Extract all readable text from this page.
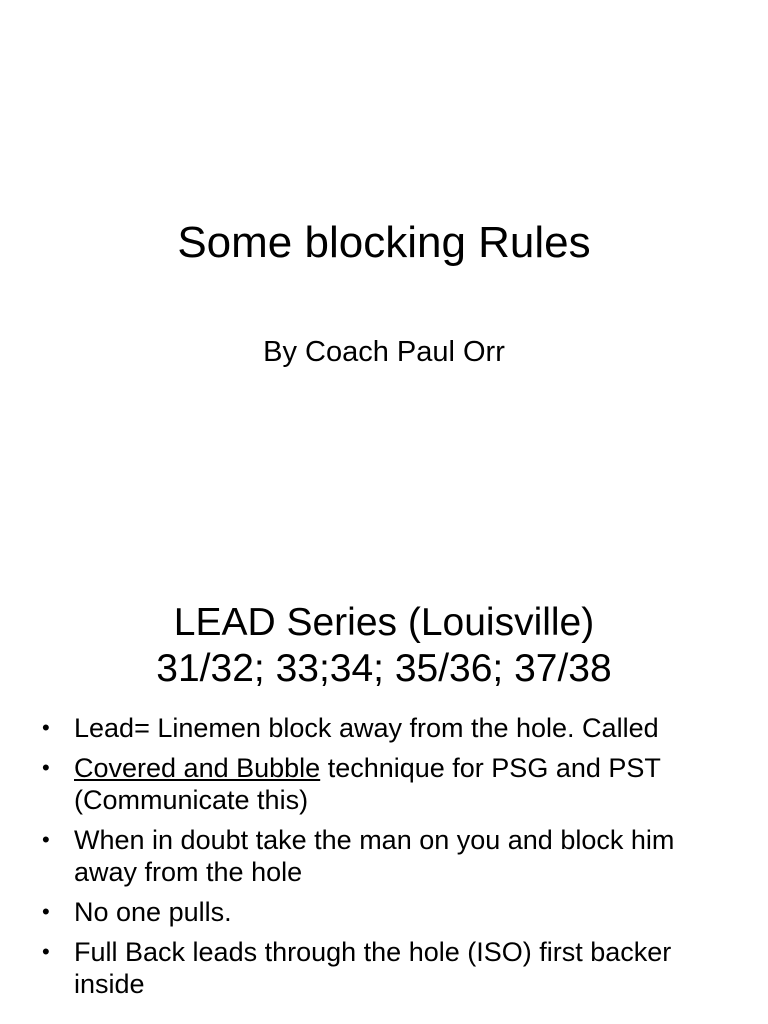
Some blocking Rules

By Coach Paul Orr

LEAD Series (Louisville)
31/32; 33;34; 35/36; 37/38
• Lead= Linemen block away from the hole. Called
• Covered and Bubble technique for PSG and PST (Communicate this)
• When in doubt take the man on you and block him away from the hole
• No one pulls.
• Full Back leads through the hole (ISO) first backer inside
